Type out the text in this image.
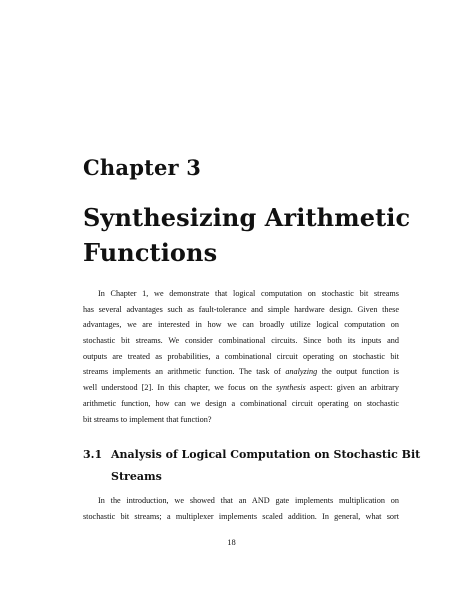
Chapter 3
Synthesizing Arithmetic
Functions
In Chapter 1, we demonstrate that logical computation on stochastic bit streams
has several advantages such as fault-tolerance and simple hardware design. Given these
advantages, we are interested in how we can broadly utilize logical computation on
stochastic bit streams. We consider combinational circuits. Since both its inputs and
outputs are treated as probabilities, a combinational circuit operating on stochastic bit
streams implements an arithmetic function. The task of analyzing the output function is
well understood [2]. In this chapter, we focus on the synthesis aspect: given an arbitrary
arithmetic function, how can we design a combinational circuit operating on stochastic
bit streams to implement that function?
3.1 Analysis of Logical Computation on Stochastic Bit
Streams
In the introduction, we showed that an AND gate implements multiplication on
stochastic bit streams; a multiplexer implements scaled addition. In general, what sort
18
